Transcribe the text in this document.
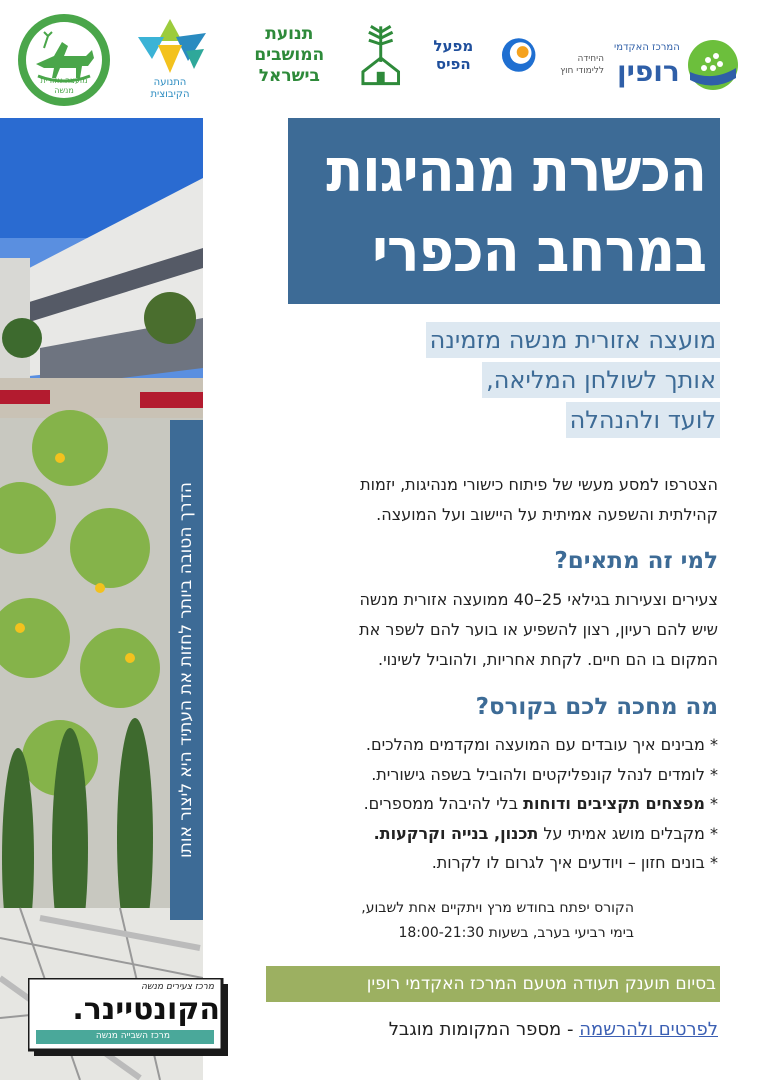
מועצה אזורית
מנשה
התנועה
הקיבוצית
תנועת המושבים
בישראל
מפעל הפיס	היחידה
ללימודי חוץ
המרכז האקדמי
רופין
הדרך הטובה ביותר לחזות את העתיד היא ליצור אותו
הכשרת מנהיגות
במרחב הכפרי
מועצה אזורית מנשה מזמינה
אותך לשולחן המליאה,
לועד ולהנהלה
הצטרפו למסע מעשי של פיתוח כישורי מנהיגות, יזמות
קהילתית והשפעה אמיתית על היישוב ועל המועצה.
למי זה מתאים?
צעירים וצעירות בגילאי 25–40 ממועצה אזורית מנשה
שיש להם רעיון, רצון להשפיע או בוער להם לשפר את
המקום בו הם חיים. לקחת אחריות, ולהוביל לשינוי.
מה מחכה לכם בקורס?
* מבינים איך עובדים עם המועצה ומקדמים מהלכים.
* לומדים לנהל קונפליקטים ולהוביל בשפה גישורית.
* מפצחים תקציבים ודוחות בלי להיבהל ממספרים.
* מקבלים מושג אמיתי על תכנון, בנייה וקרקעות.
* בונים חזון – ויודעים איך לגרום לו לקרות.
הקורס יפתח בחודש מרץ ויתקיים אחת לשבוע,
בימי רביעי בערב, בשעות 18:00-21:30
בסיום תוענק תעודה מטעם המרכז האקדמי רופין
לפרטים ולהרשמה - מספר המקומות מוגבל
מרכז צעירים מנשה
הקונטיינר.
מרכז השבייה מנשה
